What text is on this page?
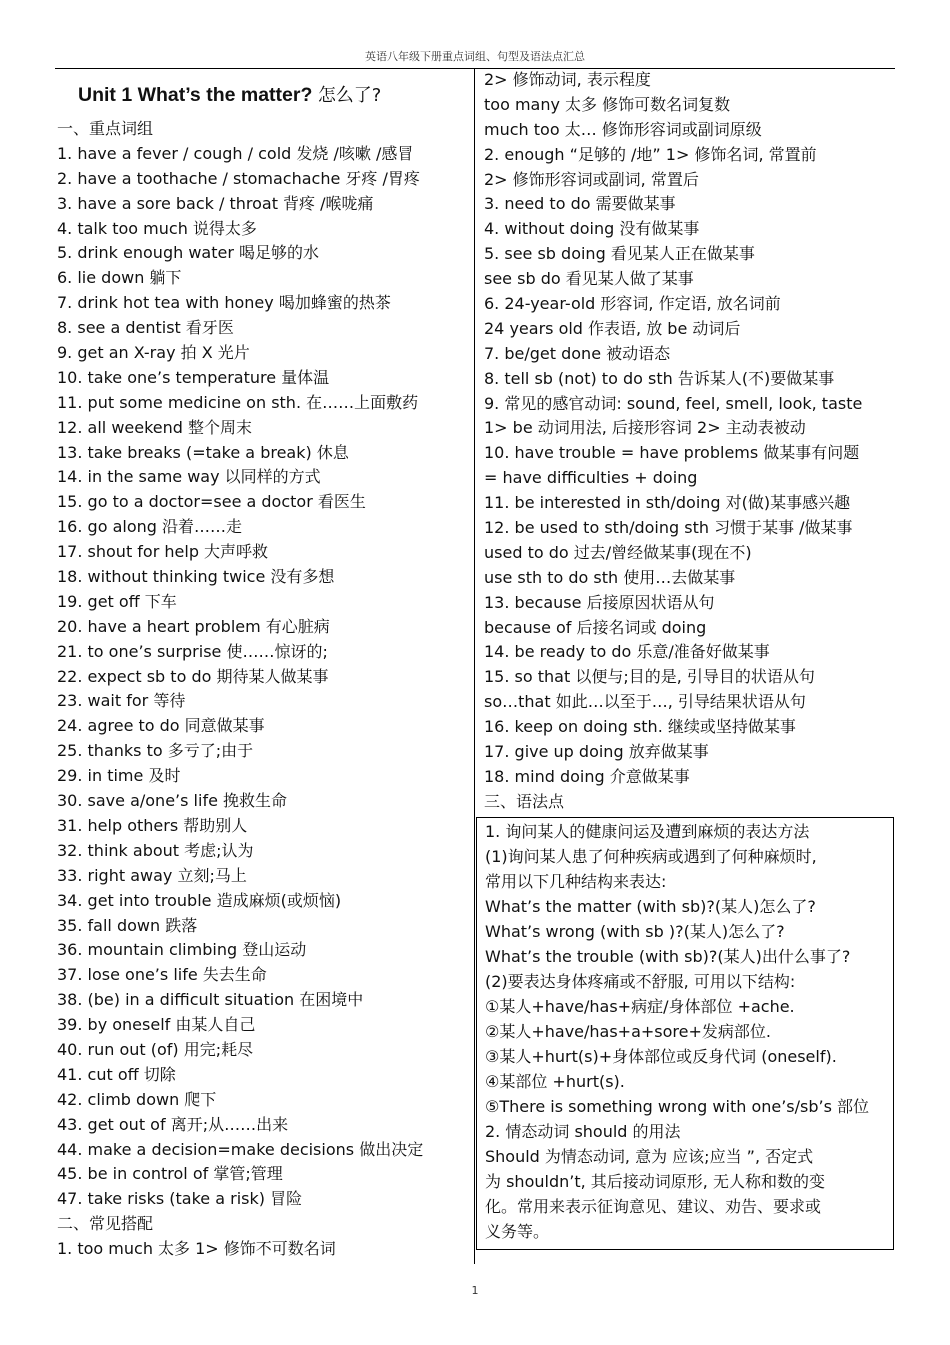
英语八年级下册重点词组、句型及语法点汇总
Unit 1 What’s the matter? 怎么了?
一、重点词组
1. have a fever / cough / cold 发烧 /咳嗽 /感冒
2. have a toothache / stomachache 牙疼 /胃疼
3. have a sore back / throat 背疼 /喉咙痛
4. talk too much 说得太多
5. drink enough water 喝足够的水
6. lie down 躺下
7. drink hot tea with honey 喝加蜂蜜的热茶
8. see a dentist 看牙医
9. get an X-ray 拍 X 光片
10. take one’s temperature 量体温
11. put some medicine on sth. 在……上面敷药
12. all weekend 整个周末
13. take breaks (=take a break) 休息
14. in the same way 以同样的方式
15. go to a doctor=see a doctor 看医生
16. go along 沿着……走
17. shout for help 大声呼救
18. without thinking twice 没有多想
19. get off 下车
20. have a heart problem 有心脏病
21. to one’s surprise 使……惊讶的;
22. expect sb to do 期待某人做某事
23. wait for 等待
24. agree to do 同意做某事
25. thanks to 多亏了;由于
29. in time 及时
30. save a/one’s life 挽救生命
31. help others 帮助别人
32. think about 考虑;认为
33. right away 立刻;马上
34. get into trouble 造成麻烦(或烦恼)
35. fall down 跌落
36. mountain climbing 登山运动
37. lose one’s life 失去生命
38. (be) in a difficult situation 在困境中
39. by oneself 由某人自己
40. run out (of) 用完;耗尽
41. cut off 切除
42. climb down 爬下
43. get out of 离开;从……出来
44. make a decision=make decisions 做出决定
45. be in control of 掌管;管理
47. take risks (take a risk) 冒险
二、常见搭配
1. too much 太多 1> 修饰不可数名词
2> 修饰动词, 表示程度
too many 太多 修饰可数名词复数
much too 太… 修饰形容词或副词原级
2. enough “足够的 /地” 1> 修饰名词, 常置前
2> 修饰形容词或副词, 常置后
3. need to do 需要做某事
4. without doing 没有做某事
5. see sb doing 看见某人正在做某事
see sb do 看见某人做了某事
6. 24-year-old 形容词, 作定语, 放名词前
24 years old 作表语, 放 be 动词后
7. be/get done 被动语态
8. tell sb (not) to do sth 告诉某人(不)要做某事
9. 常见的感官动词: sound, feel, smell, look, taste
1> be 动词用法, 后接形容词 2> 主动表被动
10. have trouble = have problems 做某事有问题
= have difficulties + doing
11. be interested in sth/doing 对(做)某事感兴趣
12. be used to sth/doing sth 习惯于某事 /做某事
used to do 过去/曾经做某事(现在不)
use sth to do sth 使用…去做某事
13. because 后接原因状语从句
because of 后接名词或 doing
14. be ready to do 乐意/准备好做某事
15. so that 以便与;目的是, 引导目的状语从句
so…that 如此…以至于…, 引导结果状语从句
16. keep on doing sth. 继续或坚持做某事
17. give up doing 放弃做某事
18. mind doing 介意做某事
三、语法点
1. 询问某人的健康问运及遭到麻烦的表达方法
(1)询问某人患了何种疾病或遇到了何种麻烦时,
常用以下几种结构来表达:
What’s the matter (with sb)?(某人)怎么了?
What’s wrong (with sb )?(某人)怎么了?
What’s the trouble (with sb)?(某人)出什么事了?
(2)要表达身体疼痛或不舒服, 可用以下结构:
①某人+have/has+病症/身体部位 +ache.
②某人+have/has+a+sore+发病部位.
③某人+hurt(s)+身体部位或反身代词 (oneself).
④某部位 +hurt(s).
⑤There is something wrong with one’s/sb’s 部位
2. 情态动词 should 的用法
Should 为情态动词, 意为 应该;应当 ”, 否定式
为 shouldn’t, 其后接动词原形, 无人称和数的变
化。常用来表示征询意见、建议、劝告、要求或
义务等。
1
